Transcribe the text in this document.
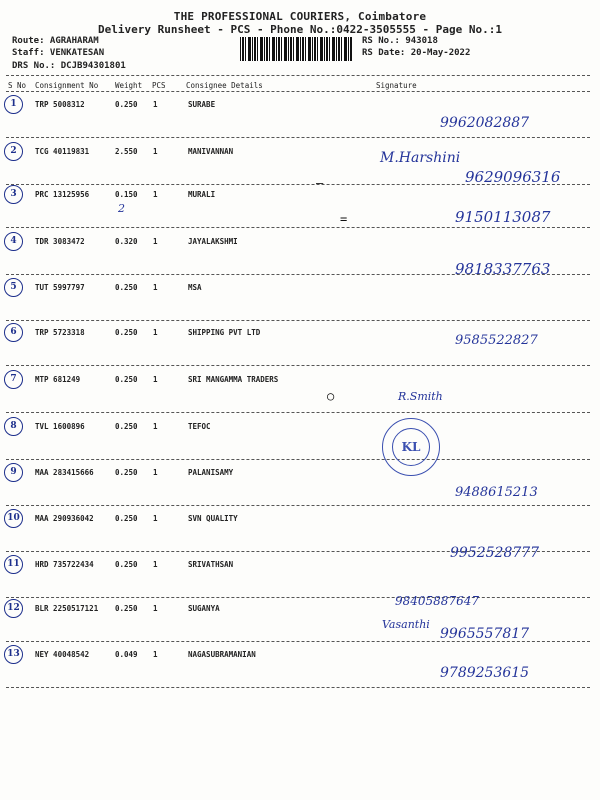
THE PROFESSIONAL COURIERS, Coimbatore
Delivery Runsheet - PCS - Phone No.:0422-3505555 - Page No.:1
Route: AGRAHARAM
Staff: VENKATESAN
DRS No.: DCJB94301801
RS No.: 943018
RS Date: 20-May-2022
S No Consignment No Weight PCS	Consignee Details	Signature
1	TRP 5008312	0.250 1	SURABE
9962082887
2	TCG 40119831	2.550 1	MANIVANNAN	M.Harshini
9629096316
3	PRC 13125956	0.150 1	MURALI
2	9150113087
4	TDR 3083472	0.320 1	JAYALAKSHMI
9818337763
5	TUT 5997797	0.250 1	MSA
6	TRP 5723318	0.250 1	SHIPPING PVT LTD
9585522827
7	MTP 681249	0.250 1	SRI MANGAMMA TRADERS
R.Smith
8	TVL 1600896	0.250 1	TEFOC
9	MAA 283415666	0.250 1	PALANISAMY
9488615213
10	MAA 290936042	0.250 1	SVN QUALITY
9952528777
11	HRD 735722434	0.250 1	SRIVATHSAN
98405887647
12	BLR 2250517121 0.250 1	SUGANYA
Vasanthi
9965557817
13	NEY 40048542	0.049 1	NAGASUBRAMANIAN
9789253615
KL
—
=
○
